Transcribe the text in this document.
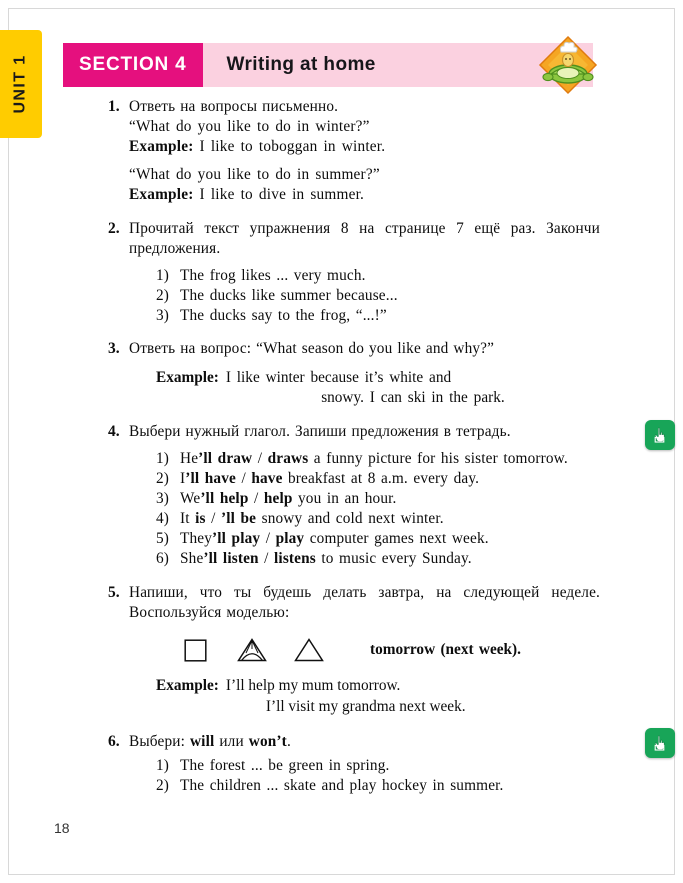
UNIT 1	SECTION 4	Writing at home
1. Ответь на вопросы письменно.
“What do you like to do in winter?”
Example: I like to toboggan in winter.
“What do you like to do in summer?”
Example: I like to dive in summer.
2. Прочитай текст упражнения 8 на странице 7 ещё раз. Закончи предложения.
1) The frog likes ... very much.
2) The ducks like summer because...
3) The ducks say to the frog, “...!”
3. Ответь на вопрос: “What season do you like and why?”
Example: I like winter because it’s white and
snowy. I can ski in the park.
4. Выбери нужный глагол. Запиши предложения в тетрадь.
1) He’ll draw / draws a funny picture for his sister tomorrow.
2) I’ll have / have breakfast at 8 a.m. every day.
3) We’ll help / help you in an hour.
4) It is / ’ll be snowy and cold next winter.
5) They’ll play / play computer games next week.
6) She’ll listen / listens to music every Sunday.
5. Напиши, что ты будешь делать завтра, на следующей неделе. Воспользуйся моделью:
tomorrow (next week).
Example: I’ll help my mum tomorrow.
I’ll visit my grandma next week.
6. Выбери: will или won’t.
1) The forest ... be green in spring.
2) The children ... skate and play hockey in summer.
18
